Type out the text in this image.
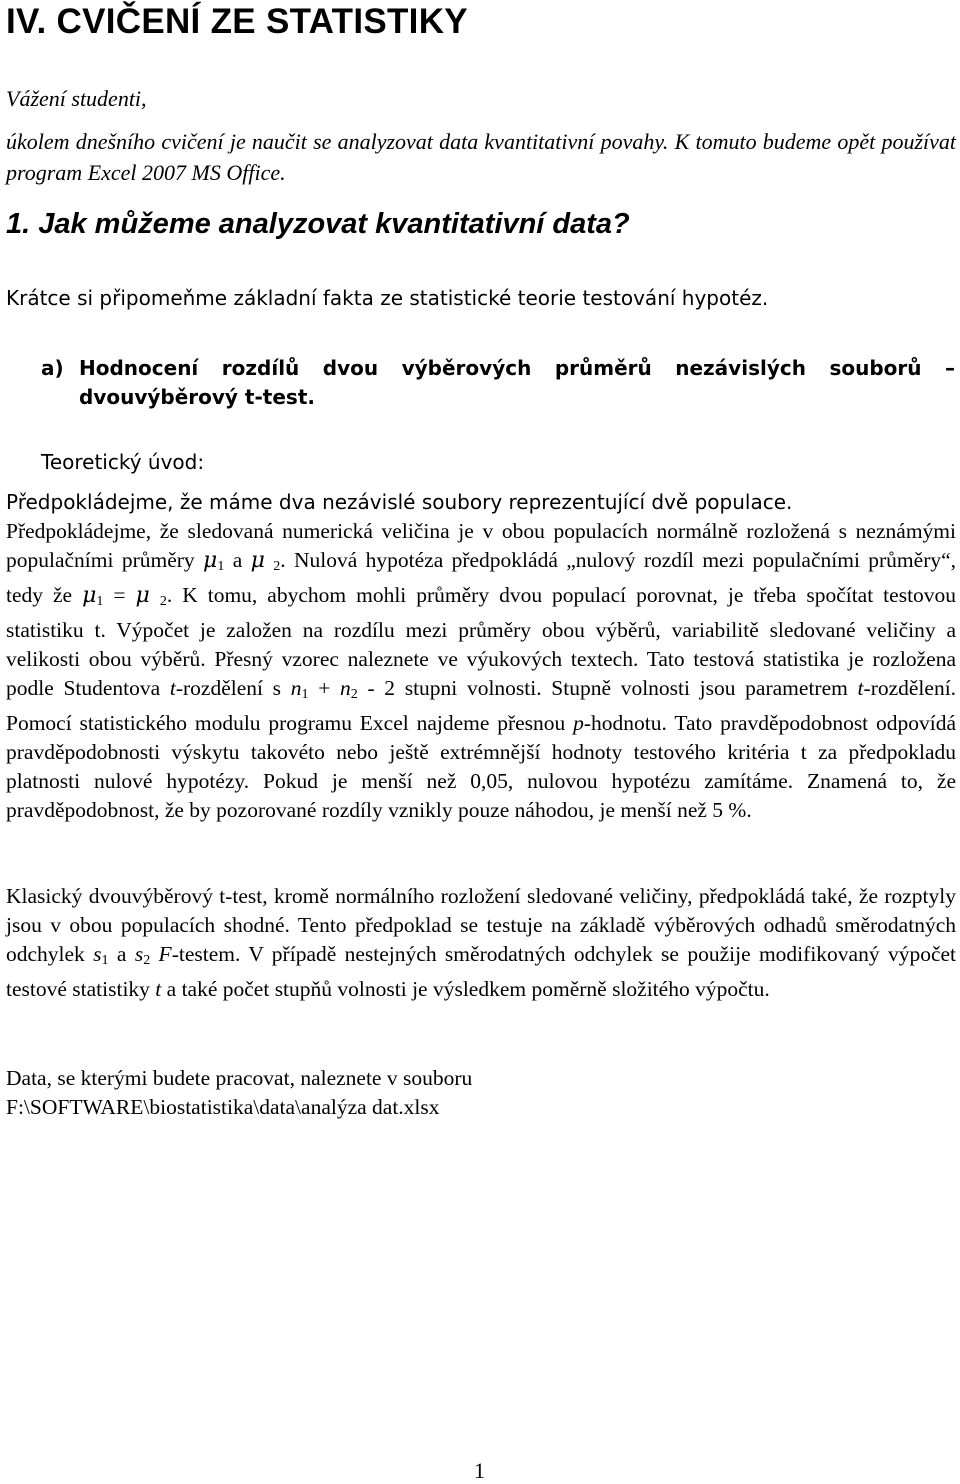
IV. CVIČENÍ ZE STATISTIKY

Vážení studenti,

úkolem dnešního cvičení je naučit se analyzovat data kvantitativní povahy. K tomuto budeme opět používat program Excel 2007 MS Office.

1. Jak můžeme analyzovat kvantitativní data?

Krátce si připomeňme základní fakta ze statistické teorie testování hypotéz.

a) Hodnocení rozdílů dvou výběrových průměrů nezávislých souborů –
dvouvýběrový t-test.

Teoretický úvod:

Předpokládejme, že máme dva nezávislé soubory reprezentující dvě populace.

Předpokládejme, že sledovaná numerická veličina je v obou populacích normálně rozložená s neznámými populačními průměry μ1 a μ 2. Nulová hypotéza předpokládá „nulový rozdíl mezi populačními průměry“, tedy že μ1 = μ 2. K tomu, abychom mohli průměry dvou populací porovnat, je třeba spočítat testovou statistiku t. Výpočet je založen na rozdílu mezi průměry obou výběrů, variabilitě sledované veličiny a velikosti obou výběrů. Přesný vzorec naleznete ve výukových textech. Tato testová statistika je rozložena podle Studentova t-rozdělení s n1 + n2 - 2 stupni volnosti. Stupně volnosti jsou parametrem t-rozdělení. Pomocí statistického modulu programu Excel najdeme přesnou p-hodnotu. Tato pravděpodobnost odpovídá pravděpodobnosti výskytu takovéto nebo ještě extrémnější hodnoty testového kritéria t za předpokladu platnosti nulové hypotézy. Pokud je menší než 0,05, nulovou hypotézu zamítáme. Znamená to, že pravděpodobnost, že by pozorované rozdíly vznikly pouze náhodou, je menší než 5 %.

Klasický dvouvýběrový t-test, kromě normálního rozložení sledované veličiny, předpokládá také, že rozptyly jsou v obou populacích shodné. Tento předpoklad se testuje na základě výběrových odhadů směrodatných odchylek s1 a s2 F-testem. V případě nestejných směrodatných odchylek se použije modifikovaný výpočet testové statistiky t a také počet stupňů volnosti je výsledkem poměrně složitého výpočtu.

Data, se kterými budete pracovat, naleznete v souboru
F:\SOFTWARE\biostatistika\data\analýza dat.xlsx

1
